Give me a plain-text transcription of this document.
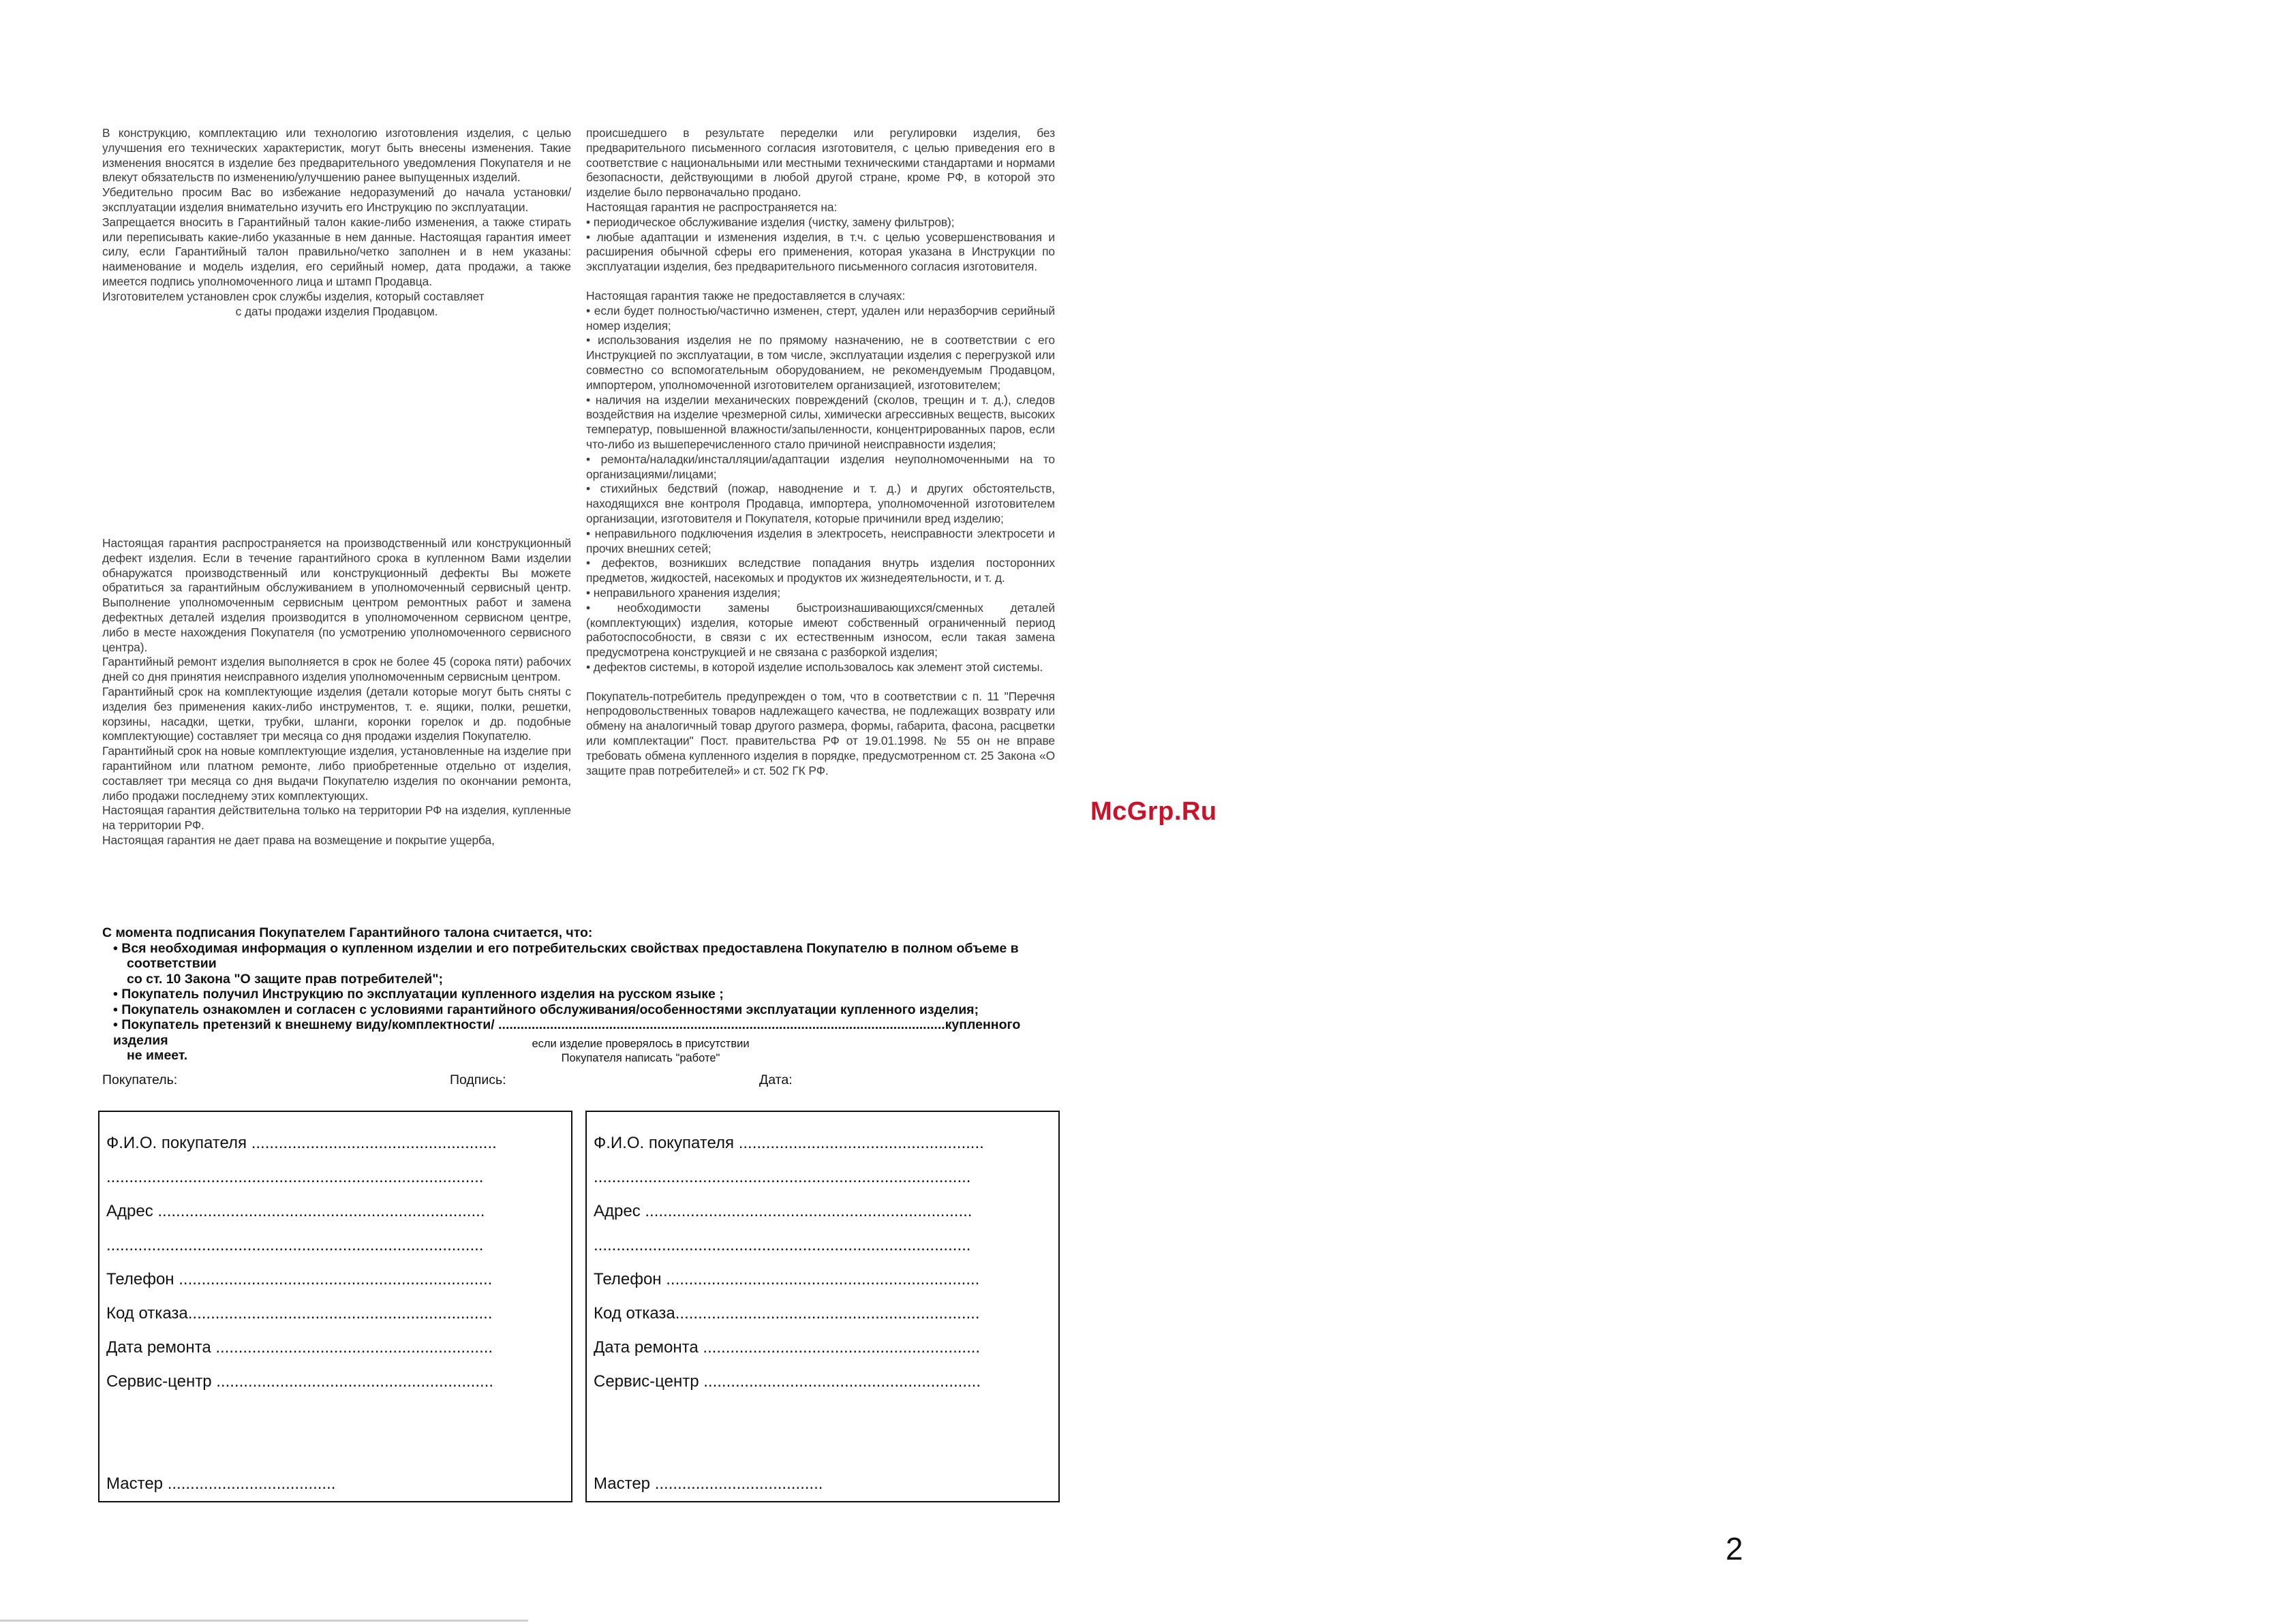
В конструкцию, комплектацию или технологию изготовления изделия, с целью улучшения его технических характеристик, могут быть внесены изменения. Такие изменения вносятся в изделие без предварительного уведомления Покупателя и не влекут обязательств по изменению/улучшению ранее выпущенных изделий.

Убедительно просим Вас во избежание недоразумений до начала установки/эксплуатации изделия внимательно изучить его Инструкцию по эксплуатации.

Запрещается вносить в Гарантийный талон какие-либо изменения, а также стирать или переписывать какие-либо указанные в нем данные. Настоящая гарантия имеет силу, если Гарантийный талон правильно/четко заполнен и в нем указаны: наименование и модель изделия, его серийный номер, дата продажи, а также имеется подпись уполномоченного лица и штамп Продавца.

Изготовителем установлен срок службы изделия, который составляет

с даты продажи изделия Продавцом.

Настоящая гарантия распространяется на производственный или конструкционный дефект изделия. Если в течение гарантийного срока в купленном Вами изделии обнаружатся производственный или конструкционный дефекты Вы можете обратиться за гарантийным обслуживанием в уполномоченный сервисный центр. Выполнение уполномоченным сервисным центром ремонтных работ и замена дефектных деталей изделия производится в уполномоченном сервисном центре, либо в месте нахождения Покупателя (по усмотрению уполномоченного сервисного центра).

Гарантийный ремонт изделия выполняется в срок не более 45 (сорока пяти) рабочих дней со дня принятия неисправного изделия уполномоченным сервисным центром.

Гарантийный срок на комплектующие изделия (детали которые могут быть сняты с изделия без применения каких-либо инструментов, т. е. ящики, полки, решетки, корзины, насадки, щетки, трубки, шланги, коронки горелок и др. подобные комплектующие) составляет три месяца со дня продажи изделия Покупателю.

Гарантийный срок на новые комплектующие изделия, установленные на изделие при гарантийном или платном ремонте, либо приобретенные отдельно от изделия, составляет три месяца со дня выдачи Покупателю изделия по окончании ремонта, либо продажи последнему этих комплектующих.

Настоящая гарантия действительна только на территории РФ на изделия, купленные на территории РФ.

Настоящая гарантия не дает права на возмещение и покрытие ущерба,

происшедшего в результате переделки или регулировки изделия, без предварительного письменного согласия изготовителя, с целью приведения его в соответствие с национальными или местными техническими стандартами и нормами безопасности, действующими в любой другой стране, кроме РФ, в которой это изделие было первоначально продано.

Настоящая гарантия не распространяется на:

• периодическое обслуживание изделия (чистку, замену фильтров);

• любые адаптации и изменения изделия, в т.ч. с целью усовершенствования и расширения обычной сферы его применения, которая указана в Инструкции по эксплуатации изделия, без предварительного письменного согласия изготовителя.

Настоящая гарантия также не предоставляется в случаях:

• если будет полностью/частично изменен, стерт, удален или неразборчив серийный номер изделия;

• использования изделия не по прямому назначению, не в соответствии с его Инструкцией по эксплуатации, в том числе, эксплуатации изделия с перегрузкой или совместно со вспомогательным оборудованием, не рекомендуемым Продавцом, импортером, уполномоченной изготовителем организацией, изготовителем;

• наличия на изделии механических повреждений (сколов, трещин и т. д.), следов воздействия на изделие чрезмерной силы, химически агрессивных веществ, высоких температур, повышенной влажности/запыленности, концентрированных паров, если что-либо из вышеперечисленного стало причиной неисправности изделия;

• ремонта/наладки/инсталляции/адаптации изделия неуполномоченными на то организациями/лицами;

• стихийных бедствий (пожар, наводнение и т. д.) и других обстоятельств, находящихся вне контроля Продавца, импортера, уполномоченной изготовителем организации, изготовителя и Покупателя, которые причинили вред изделию;

• неправильного подключения изделия в электросеть, неисправности электросети и прочих внешних сетей;

• дефектов, возникших вследствие попадания внутрь изделия посторонних предметов, жидкостей, насекомых и продуктов их жизнедеятельности, и т. д.

• неправильного хранения изделия;

• необходимости замены быстроизнашивающихся/сменных деталей (комплектующих) изделия, которые имеют собственный ограниченный период работоспособности, в связи с их естественным износом, если такая замена предусмотрена конструкцией и не связана с разборкой изделия;

• дефектов системы, в которой изделие использовалось как элемент этой системы.

Покупатель-потребитель предупрежден о том, что в соответствии с п. 11 "Перечня непродовольственных товаров надлежащего качества, не подлежащих возврату или обмену на аналогичный товар другого размера, формы, габарита, фасона, расцветки или комплектации" Пост. правительства РФ от 19.01.1998. № 55 он не вправе требовать обмена купленного изделия в порядке, предусмотренном ст. 25 Закона «О защите прав потребителей» и ст. 502 ГК РФ.

С момента подписания Покупателем Гарантийного талона считается, что:

• Вся необходимая информация о купленном изделии и его потребительских свойствах предоставлена Покупателю в полном объеме в

соответствии

со ст. 10 Закона "О защите прав потребителей";

• Покупатель получил Инструкцию по эксплуатации купленного изделия на русском языке ;

• Покупатель ознакомлен и согласен с условиями гарантийного обслуживания/особенностями эксплуатации купленного изделия;

• Покупатель претензий к внешнему виду/комплектности/ .........................................................................................................................купленного изделия

не имеет.

если изделие проверялось в присутствии
Покупателя написать "работе"
Покупатель:	Подпись:	Дата:
Ф.И.О. покупателя ......................................................
...................................................................................
Адрес ........................................................................
...................................................................................
Телефон .....................................................................
Код отказа...................................................................
Дата ремонта .............................................................
Сервис-центр .............................................................
Мастер .....................................
Ф.И.О. покупателя ......................................................
...................................................................................
Адрес ........................................................................
...................................................................................
Телефон .....................................................................
Код отказа...................................................................
Дата ремонта .............................................................
Сервис-центр .............................................................
Мастер .....................................
McGrp.Ru
2
